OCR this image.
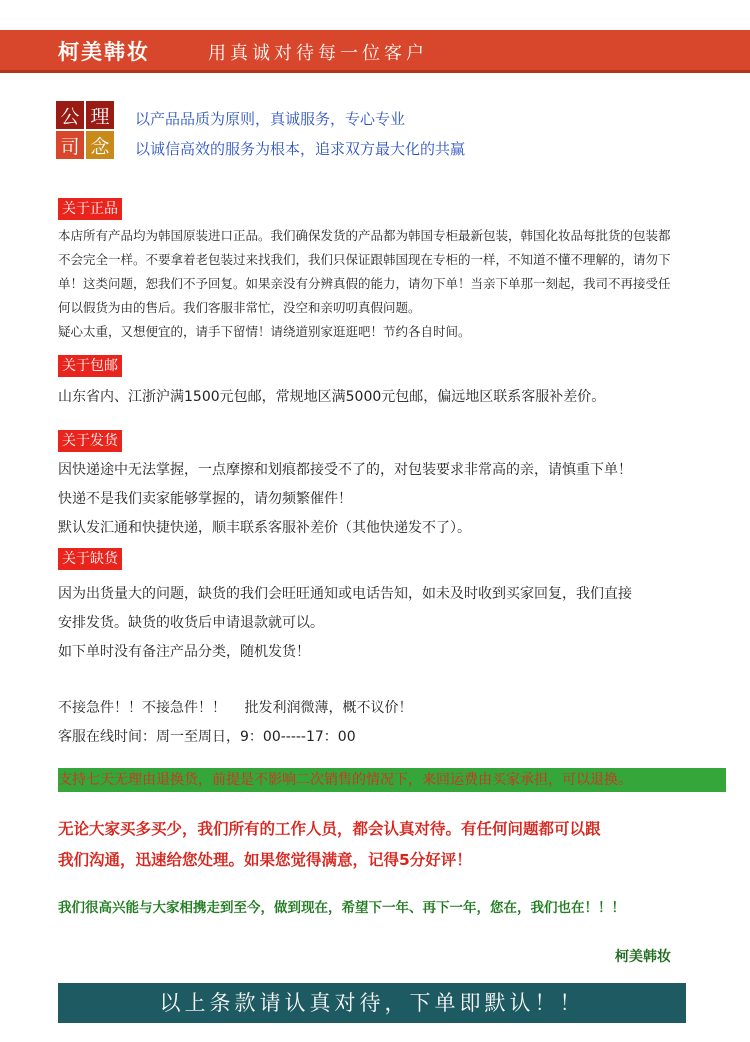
柯美韩妆	用真诚对待每一位客户
公 理
司 念
以产品品质为原则，真诚服务，专心专业
以诚信高效的服务为根本，追求双方最大化的共赢
关于正品
本店所有产品均为韩国原装进口正品。我们确保发货的产品都为韩国专柜最新包装，韩国化妆品每批货的包装都
不会完全一样。不要拿着老包装过来找我们，我们只保证跟韩国现在专柜的一样，不知道不懂不理解的，请勿下
单！这类问题，恕我们不予回复。如果亲没有分辨真假的能力，请勿下单！当亲下单那一刻起，我司不再接受任
何以假货为由的售后。我们客服非常忙，没空和亲叨叨真假问题。
疑心太重，又想便宜的，请手下留情！请绕道别家逛逛吧！节约各自时间。
关于包邮
山东省内、江浙沪满1500元包邮，常规地区满5000元包邮，偏远地区联系客服补差价。
关于发货
因快递途中无法掌握，一点摩擦和划痕都接受不了的，对包装要求非常高的亲，请慎重下单！
快递不是我们卖家能够掌握的，请勿频繁催件！
默认发汇通和快捷快递，顺丰联系客服补差价（其他快递发不了）。
关于缺货
因为出货量大的问题，缺货的我们会旺旺通知或电话告知，如未及时收到买家回复，我们直接
安排发货。缺货的收货后申请退款就可以。
如下单时没有备注产品分类，随机发货！
不接急件！！不接急件！！　 批发利润微薄，概不议价！
客服在线时间：周一至周日，9：00-----17：00
支持七天无理由退换货，前提是不影响二次销售的情况下，来回运费由买家承担，可以退换。
无论大家买多买少，我们所有的工作人员，都会认真对待。有任何问题都可以跟
我们沟通，迅速给您处理。如果您觉得满意，记得5分好评！
我们很高兴能与大家相携走到至今，做到现在，希望下一年、再下一年，您在，我们也在！！！
柯美韩妆
以上条款请认真对待，下单即默认！！
